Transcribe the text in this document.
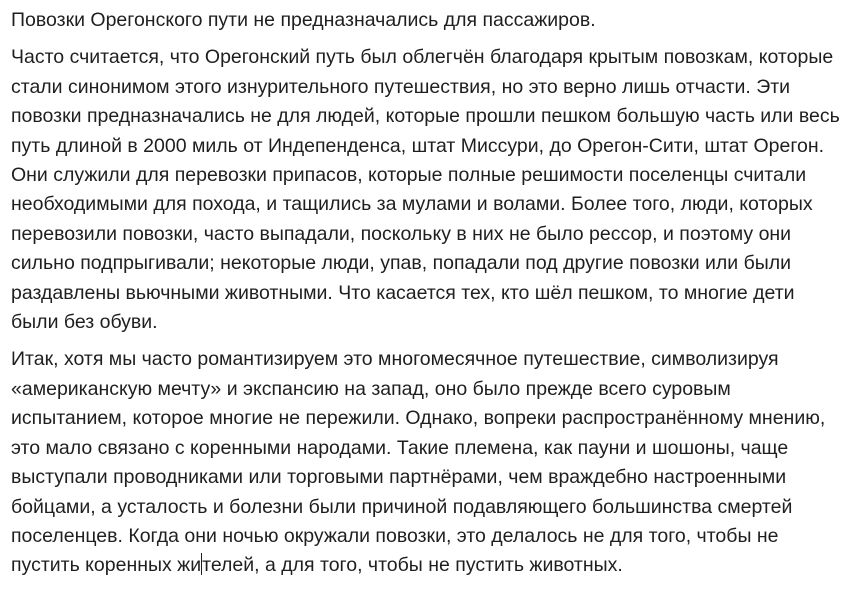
Повозки Орегонского пути не предназначались для пассажиров.

Часто считается, что Орегонский путь был облегчён благодаря крытым повозкам, которые стали синонимом этого изнурительного путешествия, но это верно лишь отчасти. Эти повозки предназначались не для людей, которые прошли пешком большую часть или весь путь длиной в 2000 миль от Индепенденса, штат Миссури, до Орегон-Сити, штат Орегон. Они служили для перевозки припасов, которые полные решимости поселенцы считали необходимыми для похода, и тащились за мулами и волами. Более того, люди, которых перевозили повозки, часто выпадали, поскольку в них не было рессор, и поэтому они сильно подпрыгивали; некоторые люди, упав, попадали под другие повозки или были раздавлены вьючными животными. Что касается тех, кто шёл пешком, то многие дети были без обуви.

Итак, хотя мы часто романтизируем это многомесячное путешествие, символизируя «американскую мечту» и экспансию на запад, оно было прежде всего суровым испытанием, которое многие не пережили. Однако, вопреки распространённому мнению, это мало связано с коренными народами. Такие племена, как пауни и шошоны, чаще выступали проводниками или торговыми партнёрами, чем враждебно настроенными бойцами, а усталость и болезни были причиной подавляющего большинства смертей поселенцев. Когда они ночью окружали повозки, это делалось не для того, чтобы не пустить коренных жителей, а для того, чтобы не пустить животных.
